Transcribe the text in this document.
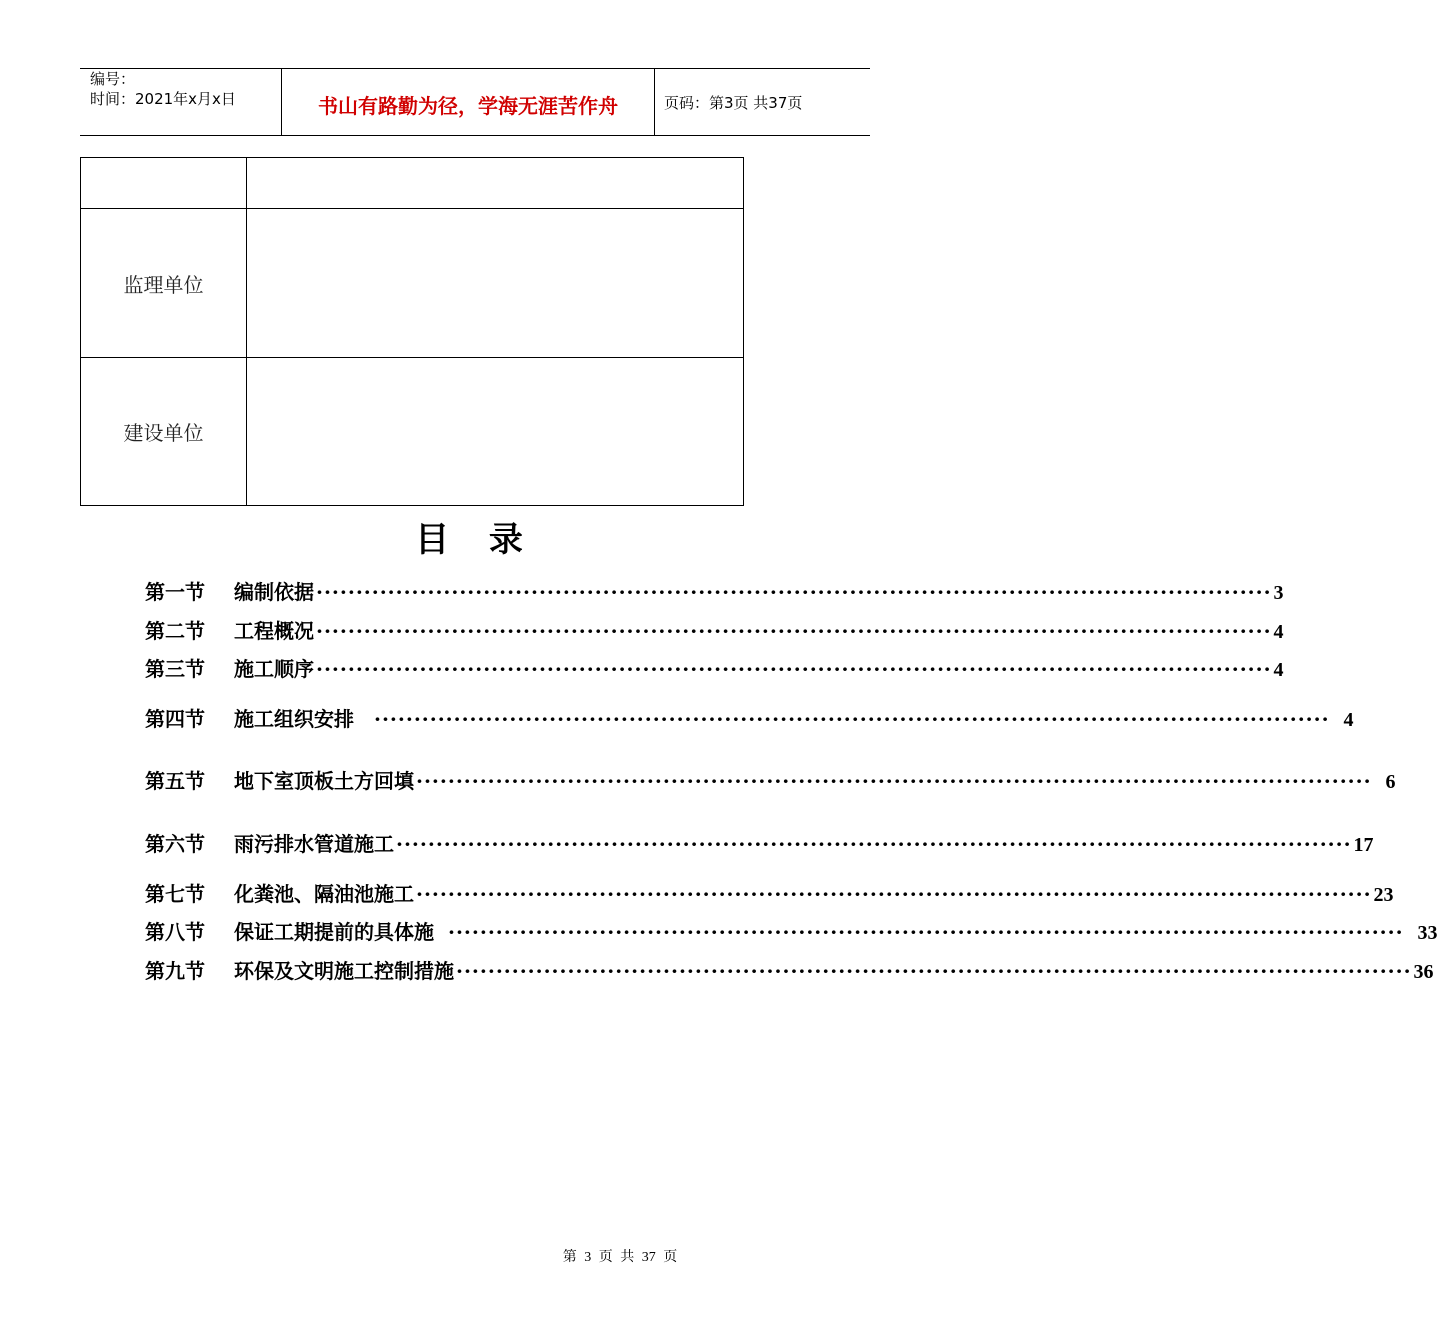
编号：
时间：2021年x月x日	书山有路勤为径，学海无涯苦作舟	页码：第3页 共37页

监理单位	
建设单位	
目 录
第一节	编制依据 ························································································································ 3
第二节	工程概况 ························································································································ 4
第三节	施工顺序 ························································································································ 4
第四节	施工组织安排	························································································································ 4
第五节	地下室顶板土方回填 ························································································································ 6
第六节	雨污排水管道施工 ························································································································ 17
第七节	化粪池、隔油池施工 ························································································································ 23
第八节	保证工期提前的具体施 ························································································································ 33
第九节	环保及文明施工控制措施 ························································································································ 36
第 3 页 共 37 页
